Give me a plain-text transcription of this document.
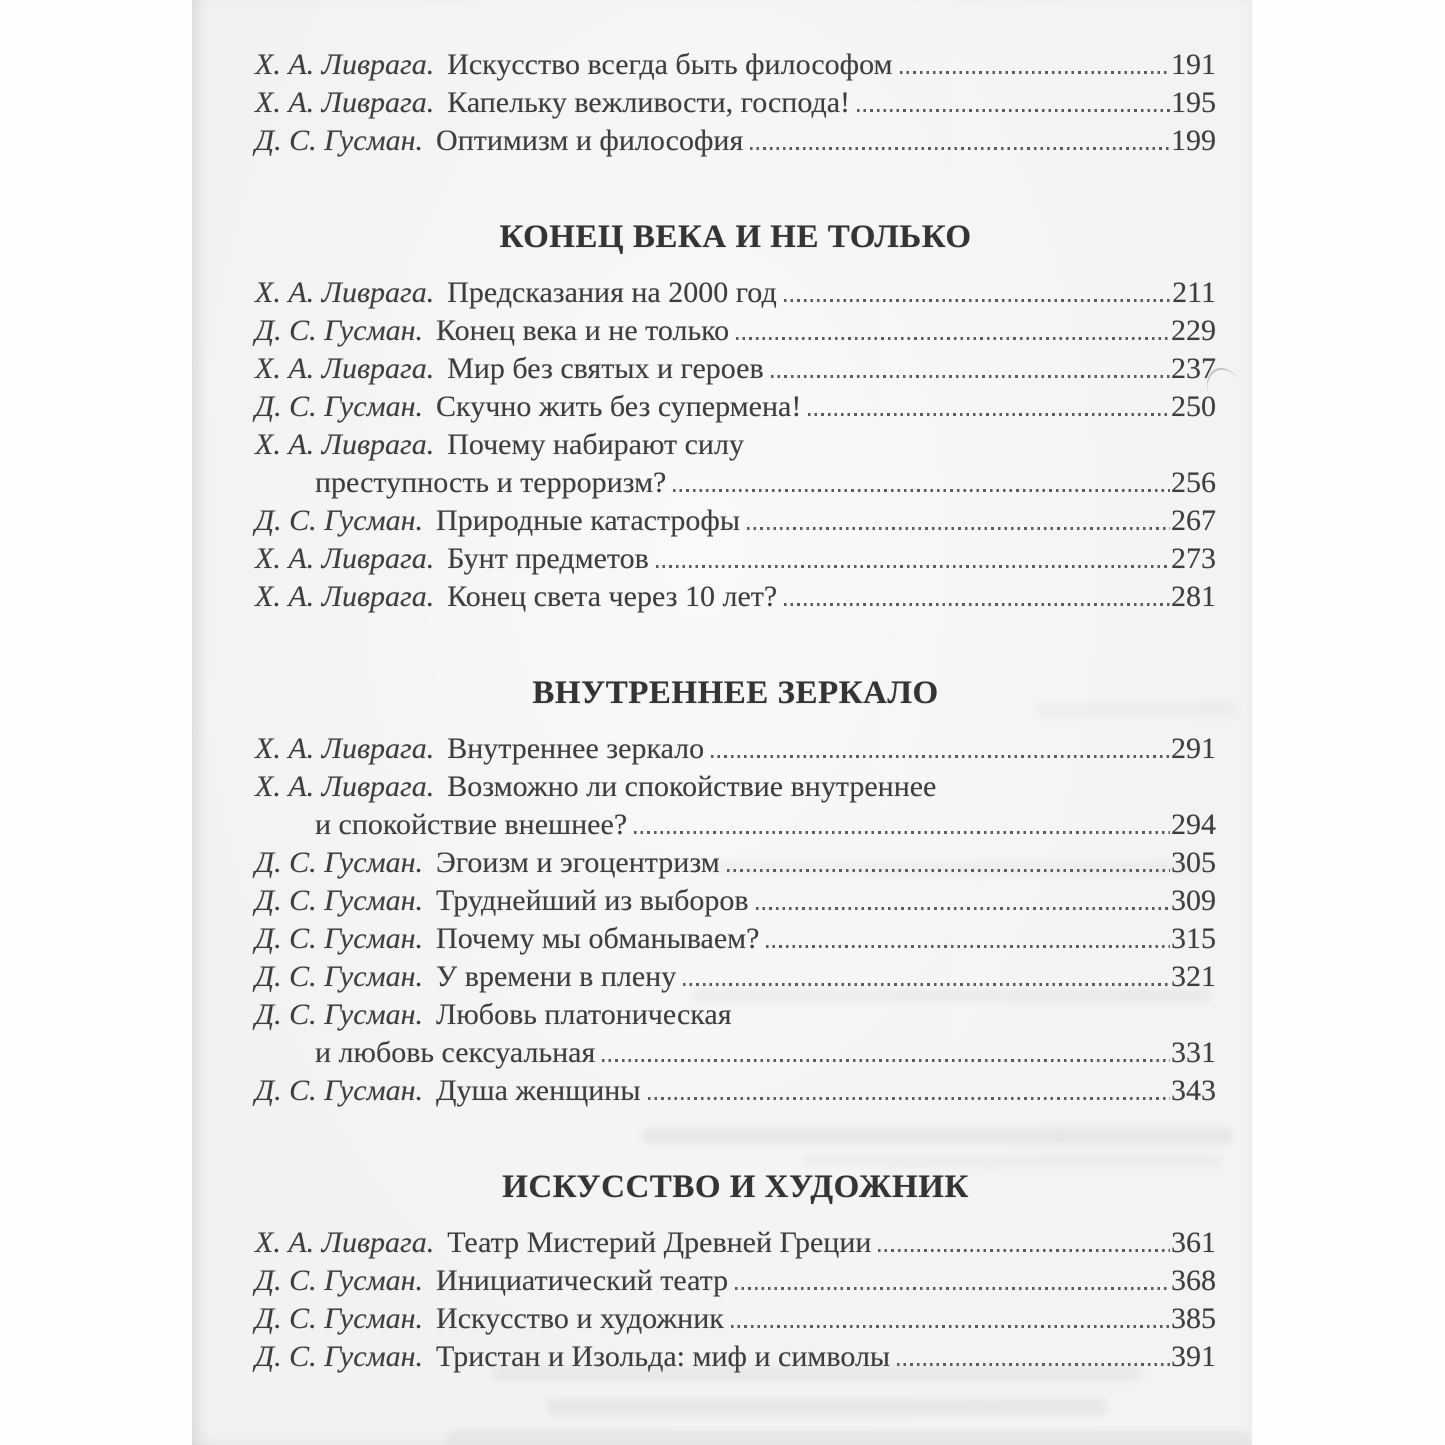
Х. А. Ливрага. Искусство всегда быть философом	191
Х. А. Ливрага. Капельку вежливости, господа!	195
Д. С. Гусман. Оптимизм и философия	199
КОНЕЦ ВЕКА И НЕ ТОЛЬКО
Х. А. Ливрага. Предсказания на 2000 год	211
Д. С. Гусман. Конец века и не только	229
Х. А. Ливрага. Мир без святых и героев	237
Д. С. Гусман. Скучно жить без супермена!	250
Х. А. Ливрага. Почему набирают силу
преступность и терроризм?	256
Д. С. Гусман. Природные катастрофы	267
Х. А. Ливрага. Бунт предметов	273
Х. А. Ливрага. Конец света через 10 лет?	281
ВНУТРЕННЕЕ ЗЕРКАЛО
Х. А. Ливрага. Внутреннее зеркало	291
Х. А. Ливрага. Возможно ли спокойствие внутреннее
и спокойствие внешнее?	294
Д. С. Гусман. Эгоизм и эгоцентризм	305
Д. С. Гусман. Труднейший из выборов	309
Д. С. Гусман. Почему мы обманываем?	315
Д. С. Гусман. У времени в плену	321
Д. С. Гусман. Любовь платоническая
и любовь сексуальная	331
Д. С. Гусман. Душа женщины	343
ИСКУССТВО И ХУДОЖНИК
Х. А. Ливрага. Театр Мистерий Древней Греции	361
Д. С. Гусман. Инициатический театр	368
Д. С. Гусман. Искусство и художник	385
Д. С. Гусман. Тристан и Изольда: миф и символы	391
